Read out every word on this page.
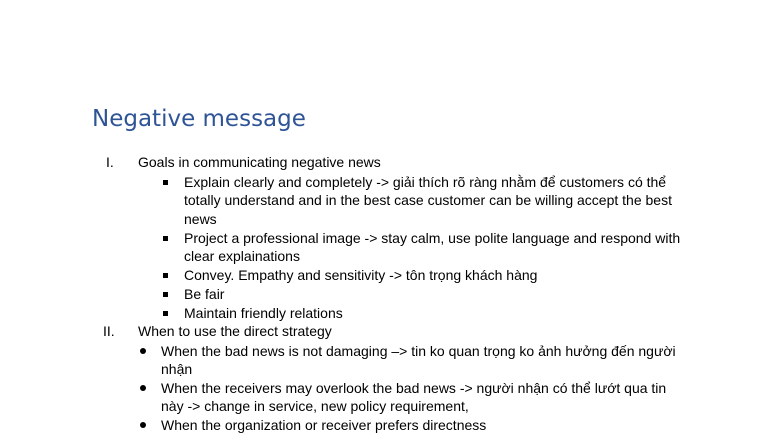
Negative message
I. Goals in communicating negative news
Explain clearly and completely -> giải thích rõ ràng nhằm để customers có thể
totally understand and in the best case customer can be willing accept the best
news
Project a professional image -> stay calm, use polite language and respond with
clear explainations
Convey. Empathy and sensitivity -> tôn trọng khách hàng
Be fair
Maintain friendly relations
II. When to use the direct strategy
When the bad news is not damaging –> tin ko quan trọng ko ảnh hưởng đến người
nhận
When the receivers may overlook the bad news -> người nhận có thể lướt qua tin
này -> change in service, new policy requirement,
When the organization or receiver prefers directness
